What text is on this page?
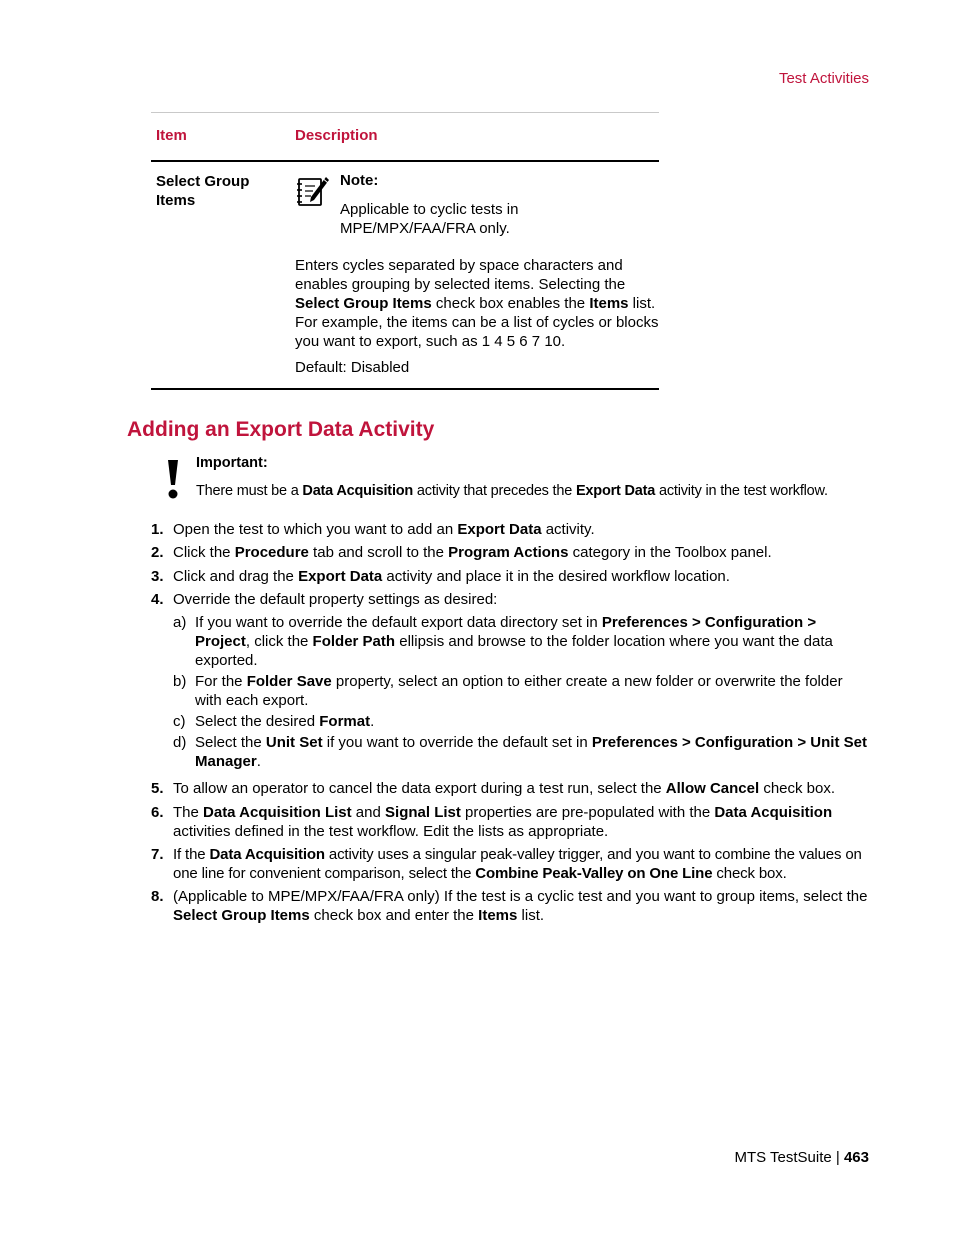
Test Activities
Item	Description
Select Group Items
Note:
Applicable to cyclic tests in MPE/MPX/FAA/FRA only.
Enters cycles separated by space characters and enables grouping by selected items. Selecting the Select Group Items check box enables the Items list. For example, the items can be a list of cycles or blocks you want to export, such as 1 4 5 6 7 10.
Default: Disabled
Adding an Export Data Activity
Important:
There must be a Data Acquisition activity that precedes the Export Data activity in the test workflow.
1. Open the test to which you want to add an Export Data activity.
2. Click the Procedure tab and scroll to the Program Actions category in the Toolbox panel.
3. Click and drag the Export Data activity and place it in the desired workflow location.
4. Override the default property settings as desired:
a) If you want to override the default export data directory set in Preferences > Configuration > Project, click the Folder Path ellipsis and browse to the folder location where you want the data exported.
b) For the Folder Save property, select an option to either create a new folder or overwrite the folder with each export.
c) Select the desired Format.
d) Select the Unit Set if you want to override the default set in Preferences > Configuration > Unit Set Manager.
5. To allow an operator to cancel the data export during a test run, select the Allow Cancel check box.
6. The Data Acquisition List and Signal List properties are pre-populated with the Data Acquisition activities defined in the test workflow. Edit the lists as appropriate.
7. If the Data Acquisition activity uses a singular peak-valley trigger, and you want to combine the values on one line for convenient comparison, select the Combine Peak-Valley on One Line check box.
8. (Applicable to MPE/MPX/FAA/FRA only) If the test is a cyclic test and you want to group items, select the Select Group Items check box and enter the Items list.
MTS TestSuite | 463
